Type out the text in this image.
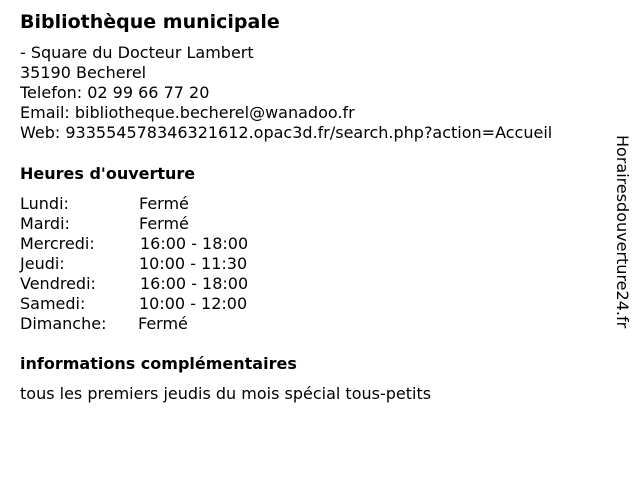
Bibliothèque municipale
- Square du Docteur Lambert
35190 Becherel
Telefon: 02 99 66 77 20
Email: bibliotheque.becherel@wanadoo.fr
Web: 933554578346321612.opac3d.fr/search.php?action=Accueil
Heures d'ouverture
Lundi:	Fermé
Mardi:	Fermé
Mercredi:	16:00 - 18:00
Jeudi:	10:00 - 11:30
Vendredi:	16:00 - 18:00
Samedi:	10:00 - 12:00
Dimanche: Fermé
informations complémentaires
tous les premiers jeudis du mois spécial tous-petits
Horairesdouverture24.fr
